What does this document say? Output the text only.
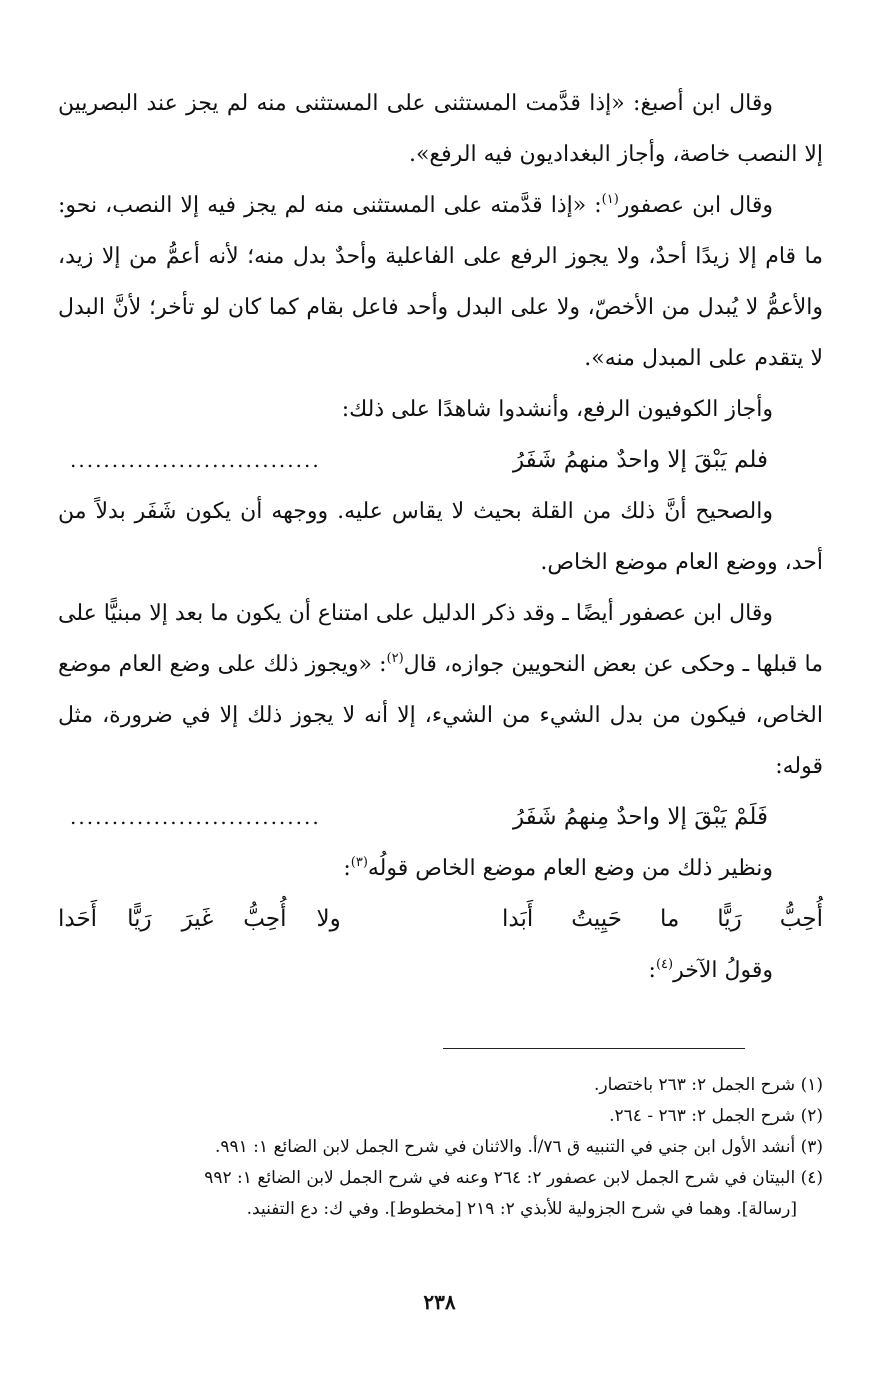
وقال ابن أصبغ: «إذا قدَّمت المستثنى على المستثنى منه لم يجز عند البصريين إلا النصب خاصة، وأجاز البغداديون فيه الرفع».

وقال ابن عصفور$^{(١)}$: «إذا قدَّمته على المستثنى منه لم يجز فيه إلا النصب، نحو: ما قام إلا زيدًا أحدٌ، ولا يجوز الرفع على الفاعلية وأحدٌ بدل منه؛ لأنه أعمُّ من إلا زيد، والأعمُّ لا يُبدل من الأخصّ، ولا على البدل وأحد فاعل بقام كما كان لو تأخر؛ لأنَّ البدل لا يتقدم على المبدل منه».

وأجاز الكوفيون الرفع، وأنشدوا شاهدًا على ذلك:

فلم يَبْقَ إلا واحدٌ منهمُ شَفَرُ
..............................

والصحيح أنَّ ذلك من القلة بحيث لا يقاس عليه. ووجهه أن يكون شَفَر بدلاً من أحد، ووضع العام موضع الخاص.

وقال ابن عصفور أيضًا ـ وقد ذكر الدليل على امتناع أن يكون ما بعد إلا مبنيًّا على ما قبلها ـ وحكى عن بعض النحويين جوازه، قال$^{(٢)}$: «ويجوز ذلك على وضع العام موضع الخاص، فيكون من بدل الشيء من الشيء، إلا أنه لا يجوز ذلك إلا في ضرورة، مثل قوله:

فَلَمْ يَبْقَ إلا واحدٌ مِنهمُ شَفَرُ
..............................

ونظير ذلك من وضع العام موضع الخاص قولُه$^{(٣)}$:

أُحِبُّ
رَيًّا
ما
حَيِيتُ
أَبَدا
ولا
أُحِبُّ
غَيرَ
رَيًّا
أَحَدا

وقولُ الآخر$^{(٤)}$:

(١) شرح الجمل ٢: ٢٦٣ باختصار.

(٢) شرح الجمل ٢: ٢٦٣ - ٢٦٤.

(٣) أنشد الأول ابن جني في التنبيه ق ٧٦/أ. والاثنان في شرح الجمل لابن الضائع ١: ٩٩١.

(٤) البيتان في شرح الجمل لابن عصفور ٢: ٢٦٤ وعنه في شرح الجمل لابن الضائع ١: ٩٩٢

[رسالة]. وهما في شرح الجزولية للأبذي ٢: ٢١٩ [مخطوط]. وفي ك: دع التفنيد.

٢٣٨
